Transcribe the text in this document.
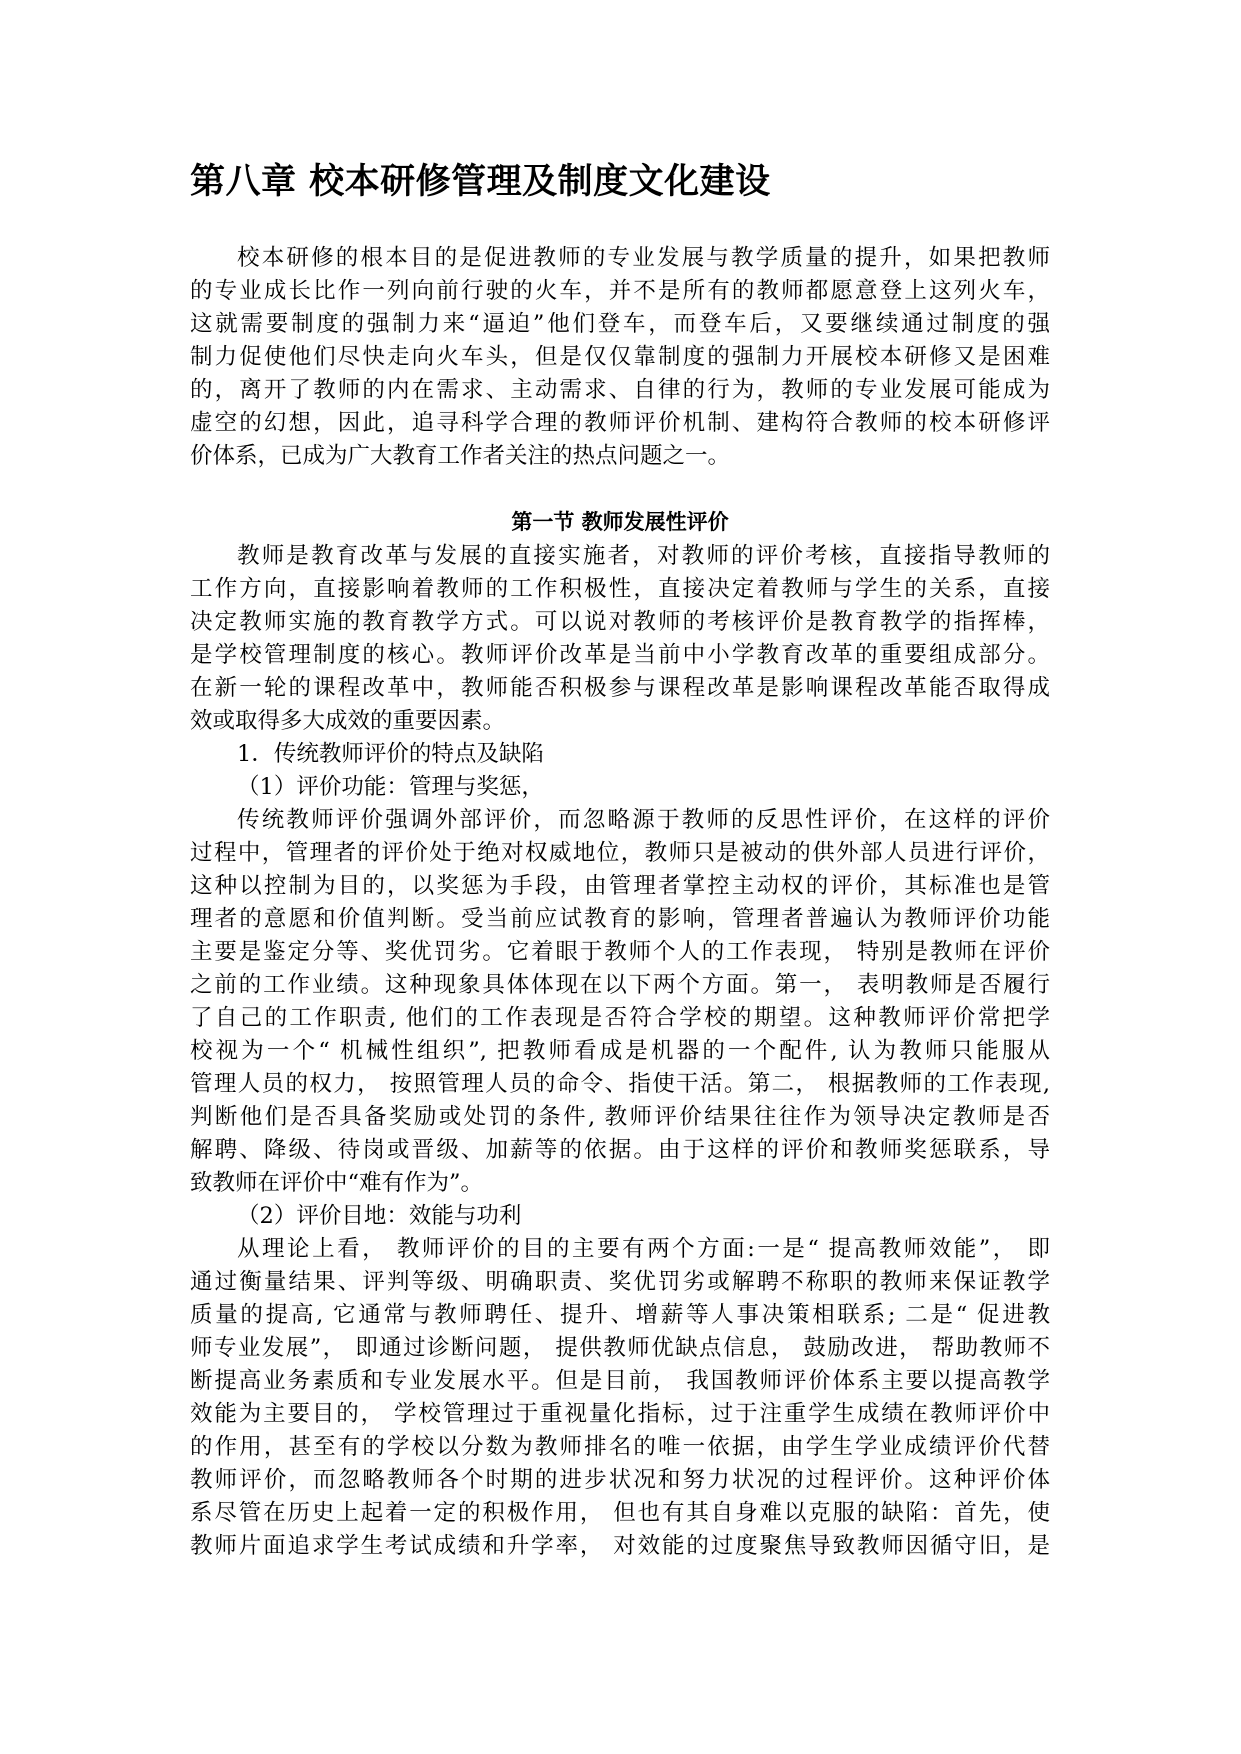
第八章 校本研修管理及制度文化建设
校本研修的根本目的是促进教师的专业发展与教学质量的提升，如果把教师
的专业成长比作一列向前行驶的火车，并不是所有的教师都愿意登上这列火车，
这就需要制度的强制力来“逼迫”他们登车，而登车后，又要继续通过制度的强
制力促使他们尽快走向火车头，但是仅仅靠制度的强制力开展校本研修又是困难
的，离开了教师的内在需求、主动需求、自律的行为，教师的专业发展可能成为
虚空的幻想，因此，追寻科学合理的教师评价机制、建构符合教师的校本研修评
价体系，已成为广大教育工作者关注的热点问题之一。
第一节 教师发展性评价
教师是教育改革与发展的直接实施者，对教师的评价考核，直接指导教师的
工作方向，直接影响着教师的工作积极性，直接决定着教师与学生的关系，直接
决定教师实施的教育教学方式。可以说对教师的考核评价是教育教学的指挥棒，
是学校管理制度的核心。教师评价改革是当前中小学教育改革的重要组成部分。
在新一轮的课程改革中，教师能否积极参与课程改革是影响课程改革能否取得成
效或取得多大成效的重要因素。
1．传统教师评价的特点及缺陷
（1）评价功能：管理与奖惩，
传统教师评价强调外部评价，而忽略源于教师的反思性评价，在这样的评价
过程中，管理者的评价处于绝对权威地位，教师只是被动的供外部人员进行评价，
这种以控制为目的，以奖惩为手段，由管理者掌控主动权的评价，其标准也是管
理者的意愿和价值判断。受当前应试教育的影响，管理者普遍认为教师评价功能
主要是鉴定分等、奖优罚劣。它着眼于教师个人的工作表现， 特别是教师在评价
之前的工作业绩。这种现象具体体现在以下两个方面。第一， 表明教师是否履行
了自己的工作职责, 他们的工作表现是否符合学校的期望。这种教师评价常把学
校视为一个“ 机械性组织”, 把教师看成是机器的一个配件, 认为教师只能服从
管理人员的权力， 按照管理人员的命令、指使干活。第二， 根据教师的工作表现,
判断他们是否具备奖励或处罚的条件, 教师评价结果往往作为领导决定教师是否
解聘、降级、待岗或晋级、加薪等的依据。由于这样的评价和教师奖惩联系，导
致教师在评价中“难有作为”。
（2）评价目地：效能与功利
从理论上看， 教师评价的目的主要有两个方面:一是“ 提高教师效能”， 即
通过衡量结果、评判等级、明确职责、奖优罚劣或解聘不称职的教师来保证教学
质量的提高, 它通常与教师聘任、提升、增薪等人事决策相联系; 二是“ 促进教
师专业发展”， 即通过诊断问题， 提供教师优缺点信息， 鼓励改进， 帮助教师不
断提高业务素质和专业发展水平。但是目前， 我国教师评价体系主要以提高教学
效能为主要目的， 学校管理过于重视量化指标，过于注重学生成绩在教师评价中
的作用，甚至有的学校以分数为教师排名的唯一依据，由学生学业成绩评价代替
教师评价，而忽略教师各个时期的进步状况和努力状况的过程评价。这种评价体
系尽管在历史上起着一定的积极作用， 但也有其自身难以克服的缺陷：首先，使
教师片面追求学生考试成绩和升学率， 对效能的过度聚焦导致教师因循守旧，是
